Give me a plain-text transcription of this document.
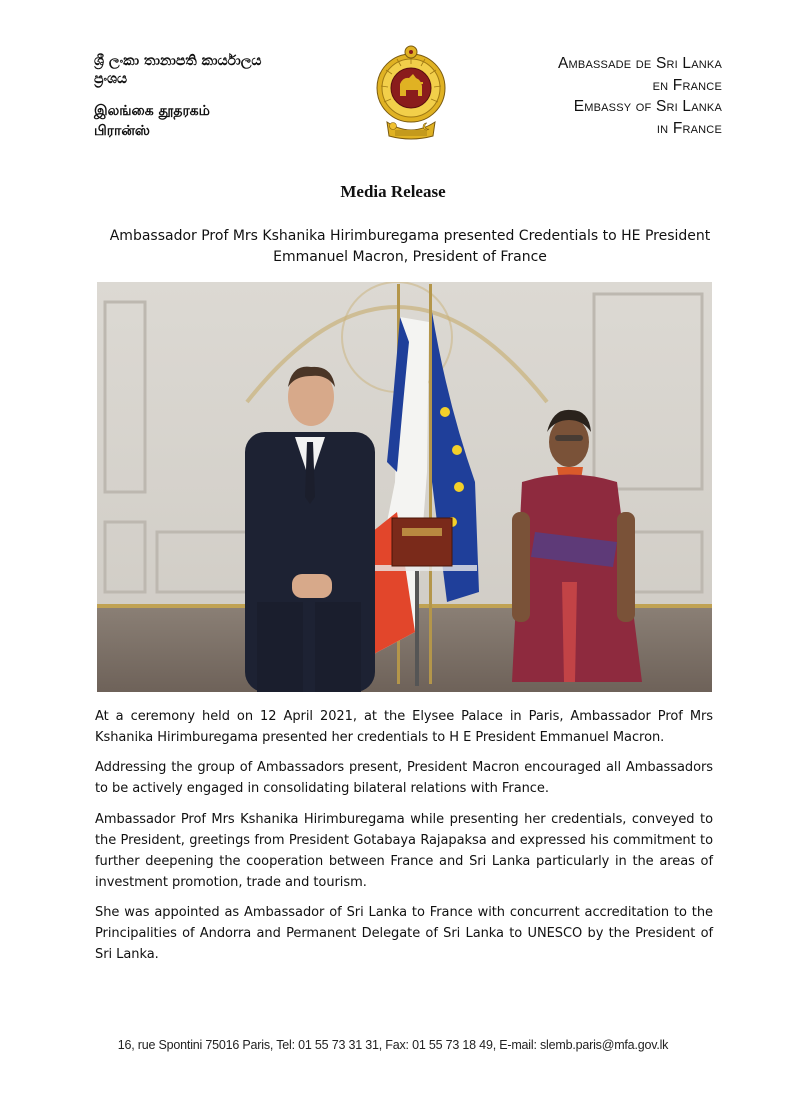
ශ්‍රී ලංකා තානාපති කාර්යාලය
ප්‍රංශය
இலங்கை தூதரகம்
பிரான்ஸ்
Ambassade de Sri Lanka
en France
Embassy of Sri Lanka
in France
Media Release
Ambassador Prof Mrs Kshanika Hirimburegama presented Credentials to HE President Emmanuel Macron, President of France
At a ceremony held on 12 April 2021, at the Elysee Palace in Paris, Ambassador Prof Mrs Kshanika Hirimburegama presented her credentials to H E President Emmanuel Macron.
Addressing the group of Ambassadors present, President Macron encouraged all Ambassadors to be actively engaged in consolidating bilateral relations with France.
Ambassador Prof Mrs Kshanika Hirimburegama while presenting her credentials, conveyed to the President, greetings from President Gotabaya Rajapaksa and expressed his commitment to further deepening the cooperation between France and Sri Lanka particularly in the areas of investment promotion, trade and tourism.
She was appointed as Ambassador of Sri Lanka to France with concurrent accreditation to the Principalities of Andorra and Permanent Delegate of Sri Lanka to UNESCO by the President of Sri Lanka.
16, rue Spontini 75016 Paris, Tel: 01 55 73 31 31, Fax: 01 55 73 18 49, E-mail: slemb.paris@mfa.gov.lk
